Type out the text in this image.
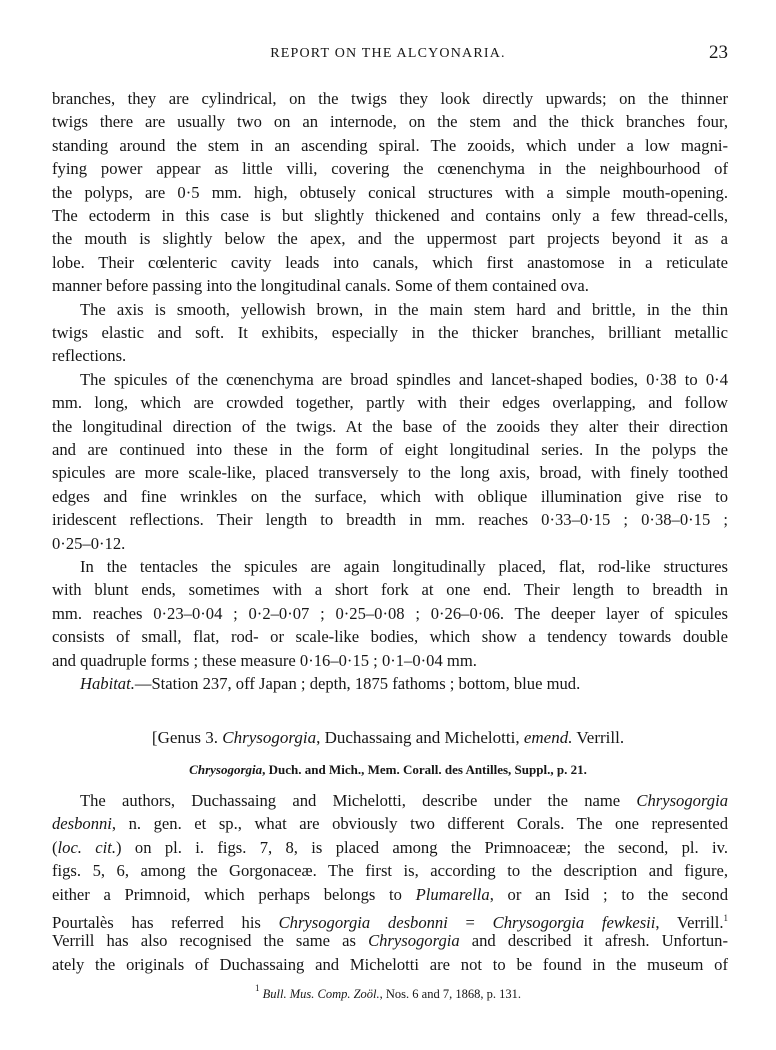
REPORT ON THE ALCYONARIA.	23
branches, they are cylindrical, on the twigs they look directly upwards; on the thinner
twigs there are usually two on an internode, on the stem and the thick branches four,
standing around the stem in an ascending spiral. The zooids, which under a low magni-
fying power appear as little villi, covering the cœnenchyma in the neighbourhood of
the polyps, are 0·5 mm. high, obtusely conical structures with a simple mouth-opening.
The ectoderm in this case is but slightly thickened and contains only a few thread-cells,
the mouth is slightly below the apex, and the uppermost part projects beyond it as a
lobe. Their cœlenteric cavity leads into canals, which first anastomose in a reticulate
manner before passing into the longitudinal canals. Some of them contained ova.
The axis is smooth, yellowish brown, in the main stem hard and brittle, in the thin
twigs elastic and soft. It exhibits, especially in the thicker branches, brilliant metallic
reflections.
The spicules of the cœnenchyma are broad spindles and lancet-shaped bodies, 0·38 to 0·4
mm. long, which are crowded together, partly with their edges overlapping, and follow
the longitudinal direction of the twigs. At the base of the zooids they alter their direction
and are continued into these in the form of eight longitudinal series. In the polyps the
spicules are more scale-like, placed transversely to the long axis, broad, with finely toothed
edges and fine wrinkles on the surface, which with oblique illumination give rise to
iridescent reflections. Their length to breadth in mm. reaches 0·33–0·15 ; 0·38–0·15 ;
0·25–0·12.
In the tentacles the spicules are again longitudinally placed, flat, rod-like structures
with blunt ends, sometimes with a short fork at one end. Their length to breadth in
mm. reaches 0·23–0·04 ; 0·2–0·07 ; 0·25–0·08 ; 0·26–0·06. The deeper layer of spicules
consists of small, flat, rod- or scale-like bodies, which show a tendency towards double
and quadruple forms ; these measure 0·16–0·15 ; 0·1–0·04 mm.
Habitat.—Station 237, off Japan ; depth, 1875 fathoms ; bottom, blue mud.
[Genus 3. Chrysogorgia, Duchassaing and Michelotti, emend. Verrill.
Chrysogorgia, Duch. and Mich., Mem. Corall. des Antilles, Suppl., p. 21.
The authors, Duchassaing and Michelotti, describe under the name Chrysogorgia
desbonni, n. gen. et sp., what are obviously two different Corals. The one represented
(loc. cit.) on pl. i. figs. 7, 8, is placed among the Primnoaceæ; the second, pl. iv.
figs. 5, 6, among the Gorgonaceæ. The first is, according to the description and figure,
either a Primnoid, which perhaps belongs to Plumarella, or an Isid ; to the second
Pourtalès has referred his Chrysogorgia desbonni = Chrysogorgia fewkesii, Verrill.$^1$
Verrill has also recognised the same as Chrysogorgia and described it afresh. Unfortun-
ately the originals of Duchassaing and Michelotti are not to be found in the museum of
$^1$ Bull. Mus. Comp. Zoöl., Nos. 6 and 7, 1868, p. 131.
